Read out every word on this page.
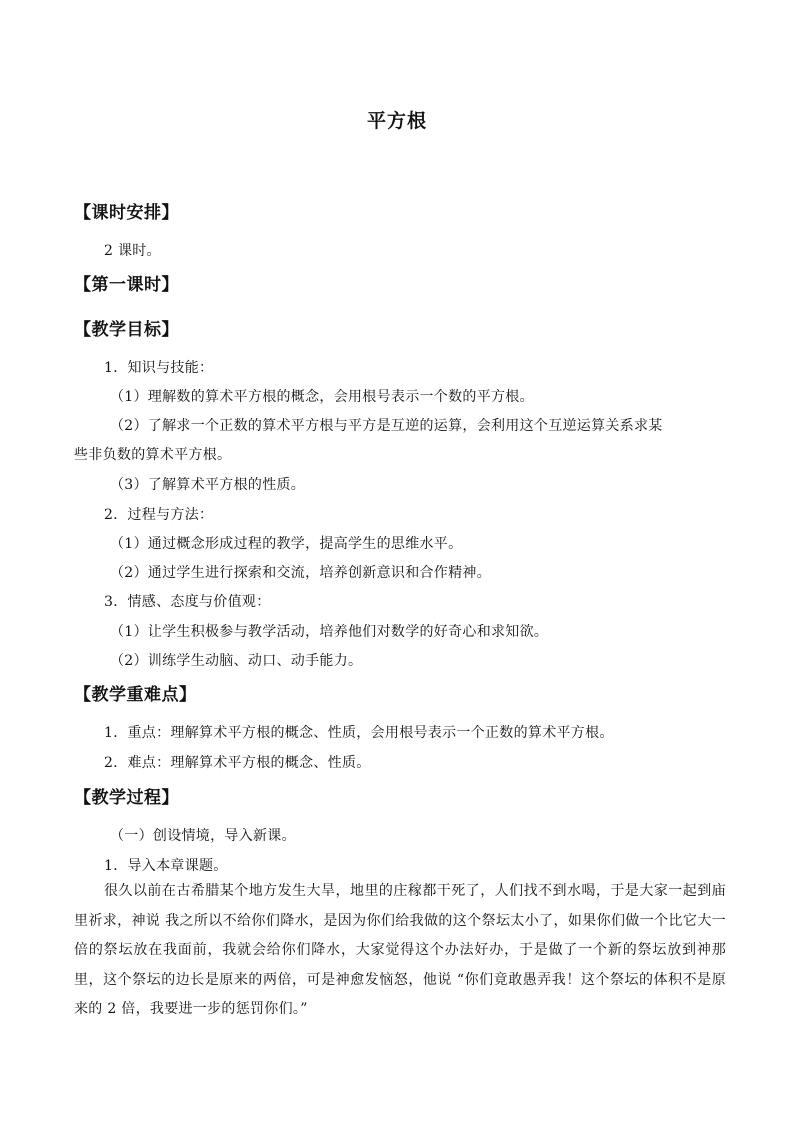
平方根
【课时安排】
2 课时。
【第一课时】
【教学目标】
1．知识与技能：
（1）理解数的算术平方根的概念，会用根号表示一个数的平方根。
（2）了解求一个正数的算术平方根与平方是互逆的运算，会利用这个互逆运算关系求某
些非负数的算术平方根。
（3）了解算术平方根的性质。
2．过程与方法：
（1）通过概念形成过程的教学，提高学生的思维水平。
（2）通过学生进行探索和交流，培养创新意识和合作精神。
3．情感、态度与价值观：
（1）让学生积极参与教学活动，培养他们对数学的好奇心和求知欲。
（2）训练学生动脑、动口、动手能力。
【教学重难点】
1．重点：理解算术平方根的概念、性质，会用根号表示一个正数的算术平方根。
2．难点：理解算术平方根的概念、性质。
【教学过程】
（一）创设情境，导入新课。
1．导入本章课题。
很久以前在古希腊某个地方发生大旱，地里的庄稼都干死了，人们找不到水喝，于是大家一起到庙里祈求，神说 我之所以不给你们降水，是因为你们给我做的这个祭坛太小了，如果你们做一个比它大一倍的祭坛放在我面前，我就会给你们降水，大家觉得这个办法好办，于是做了一个新的祭坛放到神那里，这个祭坛的边长是原来的两倍，可是神愈发恼怒，他说 “你们竟敢愚弄我！这个祭坛的体积不是原来的 2 倍，我要进一步的惩罚你们。”
